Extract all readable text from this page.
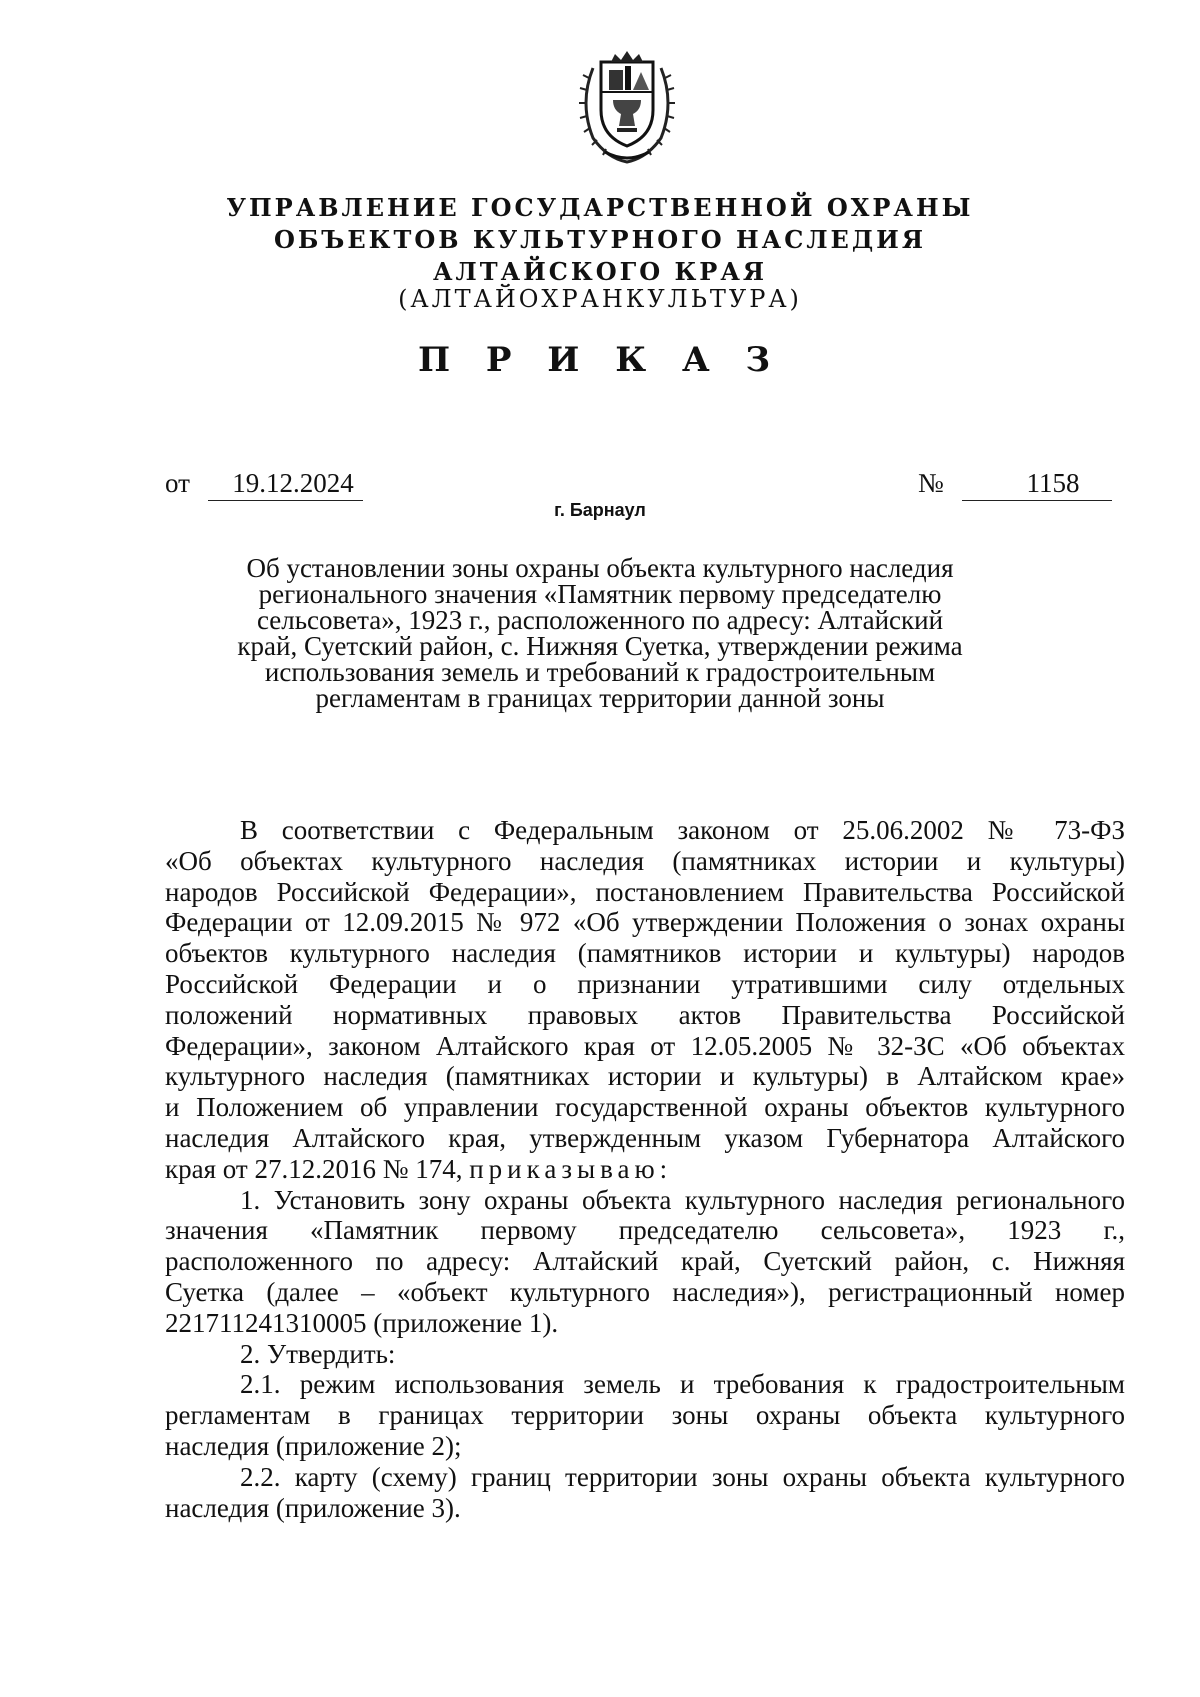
УПРАВЛЕНИЕ ГОСУДАРСТВЕННОЙ ОХРАНЫ
ОБЪЕКТОВ КУЛЬТУРНОГО НАСЛЕДИЯ
АЛТАЙСКОГО КРАЯ
(АЛТАЙОХРАНКУЛЬТУРА)
П Р И К А З
от	19.12.2024	№	1158
г. Барнаул
Об установлении зоны охраны объекта культурного наследия
регионального значения «Памятник первому председателю
сельсовета», 1923 г., расположенного по адресу: Алтайский
край, Суетский район, с. Нижняя Суетка, утверждении режима
использования земель и требований к градостроительным
регламентам в границах территории данной зоны
В соответствии с Федеральным законом от 25.06.2002 № 73-ФЗ
«Об объектах культурного наследия (памятниках истории и культуры)
народов Российской Федерации», постановлением Правительства Российской
Федерации от 12.09.2015 № 972 «Об утверждении Положения о зонах охраны
объектов культурного наследия (памятников истории и культуры) народов
Российской Федерации и о признании утратившими силу отдельных
положений нормативных правовых актов Правительства Российской
Федерации», законом Алтайского края от 12.05.2005 № 32-ЗС «Об объектах
культурного наследия (памятниках истории и культуры) в Алтайском крае»
и Положением об управлении государственной охраны объектов культурного
наследия Алтайского края, утвержденным указом Губернатора Алтайского
края от 27.12.2016 № 174, приказываю:
1. Установить зону охраны объекта культурного наследия регионального
значения «Памятник первому председателю сельсовета», 1923 г.,
расположенного по адресу: Алтайский край, Суетский район, с. Нижняя
Суетка (далее – «объект культурного наследия»), регистрационный номер
221711241310005 (приложение 1).
2. Утвердить:
2.1. режим использования земель и требования к градостроительным
регламентам в границах территории зоны охраны объекта культурного
наследия (приложение 2);
2.2. карту (схему) границ территории зоны охраны объекта культурного
наследия (приложение 3).
